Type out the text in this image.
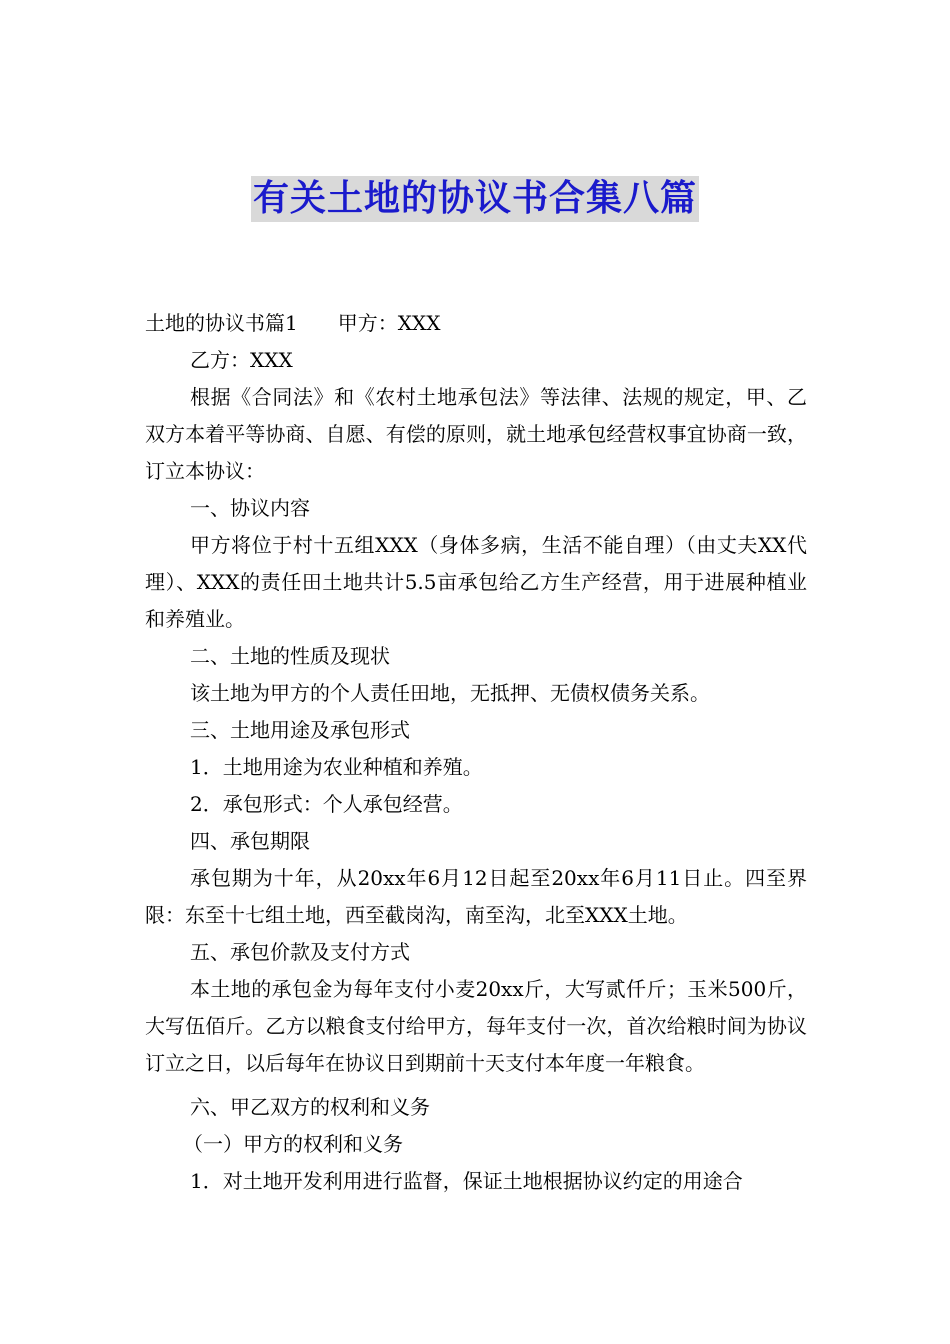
有关土地的协议书合集八篇

土地的协议书篇1　　甲方：XXX

乙方：XXX

根据《合同法》和《农村土地承包法》等法律、法规的规定，甲、乙双方本着平等协商、自愿、有偿的原则，就土地承包经营权事宜协商一致，订立本协议：

一、协议内容

甲方将位于村十五组XXX（身体多病，生活不能自理）（由丈夫XX代理）、XXX的责任田土地共计5.5亩承包给乙方生产经营，用于进展种植业和养殖业。

二、土地的性质及现状

该土地为甲方的个人责任田地，无抵押、无债权债务关系。

三、土地用途及承包形式

1．土地用途为农业种植和养殖。

2．承包形式：个人承包经营。

四、承包期限

承包期为十年，从20xx年6月12日起至20xx年6月11日止。四至界限：东至十七组土地，西至截岗沟，南至沟，北至XXX土地。

五、承包价款及支付方式

本土地的承包金为每年支付小麦20xx斤，大写贰仟斤；玉米500斤，大写伍佰斤。乙方以粮食支付给甲方，每年支付一次，首次给粮时间为协议订立之日，以后每年在协议日到期前十天支付本年度一年粮食。

六、甲乙双方的权利和义务

（一）甲方的权利和义务

1．对土地开发利用进行监督，保证土地根据协议约定的用途合
